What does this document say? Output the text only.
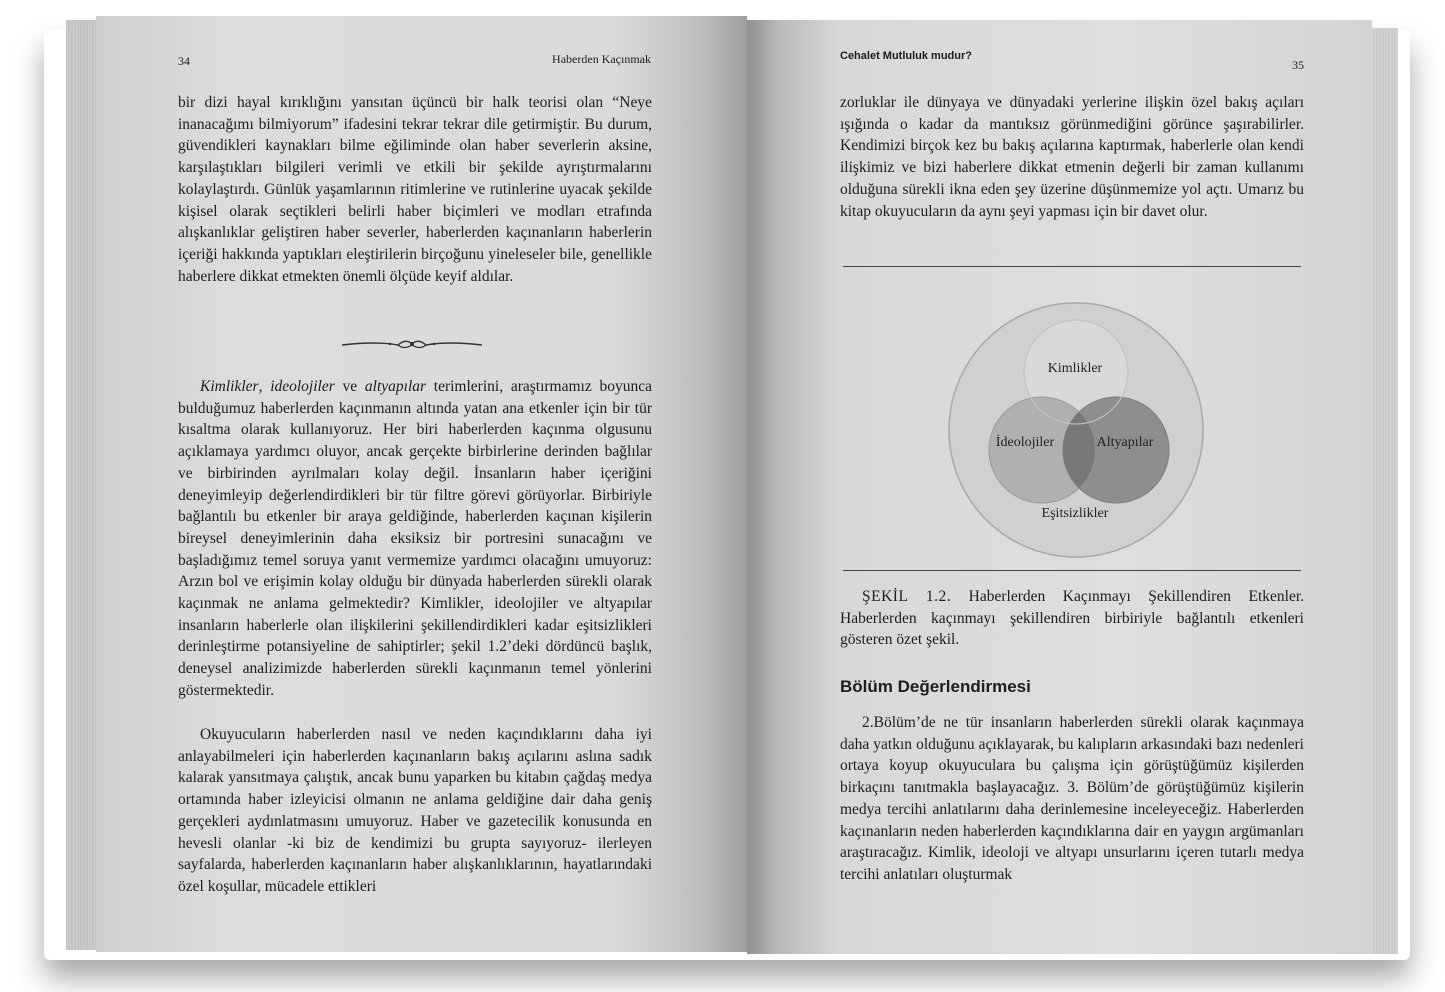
34	Haberden Kaçınmak

bir dizi hayal kırıklığını yansıtan üçüncü bir halk teorisi olan “Neye inanacağımı bilmiyorum” ifadesini tekrar tekrar dile getirmiştir. Bu durum, güvendikleri kaynakları bilme eğiliminde olan haber severlerin aksine, karşılaştıkları bilgileri verimli ve etkili bir şekilde ayrıştırmalarını kolaylaştırdı. Günlük yaşamlarının ritimlerine ve rutinlerine uyacak şekilde kişisel olarak seçtikleri belirli haber biçimleri ve modları etrafında alışkanlıklar geliştiren haber severler, haberlerden kaçınanların haberlerin içeriği hakkında yaptıkları eleştirilerin birçoğunu yineleseler bile, genellikle haberlere dikkat etmekten önemli ölçüde keyif aldılar.

Kimlikler, ideolojiler ve altyapılar terimlerini, araştırmamız boyunca bulduğumuz haberlerden kaçınmanın altında yatan ana etkenler için bir tür kısaltma olarak kullanıyoruz. Her biri haberlerden kaçınma olgusunu açıklamaya yardımcı oluyor, ancak gerçekte birbirlerine derinden bağlılar ve birbirinden ayrılmaları kolay değil. İnsanların haber içeriğini deneyimleyip değerlendirdikleri bir tür filtre görevi görüyorlar. Birbiriyle bağlantılı bu etkenler bir araya geldiğinde, haberlerden kaçınan kişilerin bireysel deneyimlerinin daha eksiksiz bir portresini sunacağını ve başladığımız temel soruya yanıt vermemize yardımcı olacağını umuyoruz: Arzın bol ve erişimin kolay olduğu bir dünyada haberlerden sürekli olarak kaçınmak ne anlama gelmektedir? Kimlikler, ideolojiler ve altyapılar insanların haberlerle olan ilişkilerini şekillendirdikleri kadar eşitsizlikleri derinleştirme potansiyeline de sahiptirler; şekil 1.2’deki dördüncü başlık, deneysel analizimizde haberlerden sürekli kaçınmanın temel yönlerini göstermektedir.

Okuyucuların haberlerden nasıl ve neden kaçındıklarını daha iyi anlayabilmeleri için haberlerden kaçınanların bakış açılarını aslına sadık kalarak yansıtmaya çalıştık, ancak bunu yaparken bu kitabın çağdaş medya ortamında haber izleyicisi olmanın ne anlama geldiğine dair daha geniş gerçekleri aydınlatmasını umuyoruz. Haber ve gazetecilik konusunda en hevesli olanlar -ki biz de kendimizi bu grupta sayıyoruz- ilerleyen sayfalarda, haberlerden kaçınanların haber alışkanlıklarının, hayatlarındaki özel koşullar, mücadele ettikleri

Cehalet Mutluluk mudur?
35

zorluklar ile dünyaya ve dünyadaki yerlerine ilişkin özel bakış açıları ışığında o kadar da mantıksız görünmediğini görünce şaşırabilirler. Kendimizi birçok kez bu bakış açılarına kaptırmak, haberlerle olan kendi ilişkimiz ve bizi haberlere dikkat etmenin değerli bir zaman kullanımı olduğuna sürekli ikna eden şey üzerine düşünmemize yol açtı. Umarız bu kitap okuyucuların da aynı şeyi yapması için bir davet olur.

Kimlikler
İdeolojiler	Altyapılar
Eşitsizlikler

ŞEKİL 1.2. Haberlerden Kaçınmayı Şekillendiren Etkenler. Haberlerden kaçınmayı şekillendiren birbiriyle bağlantılı etkenleri gösteren özet şekil.

Bölüm Değerlendirmesi

2.Bölüm’de ne tür insanların haberlerden sürekli olarak kaçınmaya daha yatkın olduğunu açıklayarak, bu kalıpların arkasındaki bazı nedenleri ortaya koyup okuyuculara bu çalışma için görüştüğümüz kişilerden birkaçını tanıtmakla başlayacağız. 3. Bölüm’de görüştüğümüz kişilerin medya tercihi anlatılarını daha derinlemesine inceleyeceğiz. Haberlerden kaçınanların neden haberlerden kaçındıklarına dair en yaygın argümanları araştıracağız. Kimlik, ideoloji ve altyapı unsurlarını içeren tutarlı medya tercihi anlatıları oluşturmak
